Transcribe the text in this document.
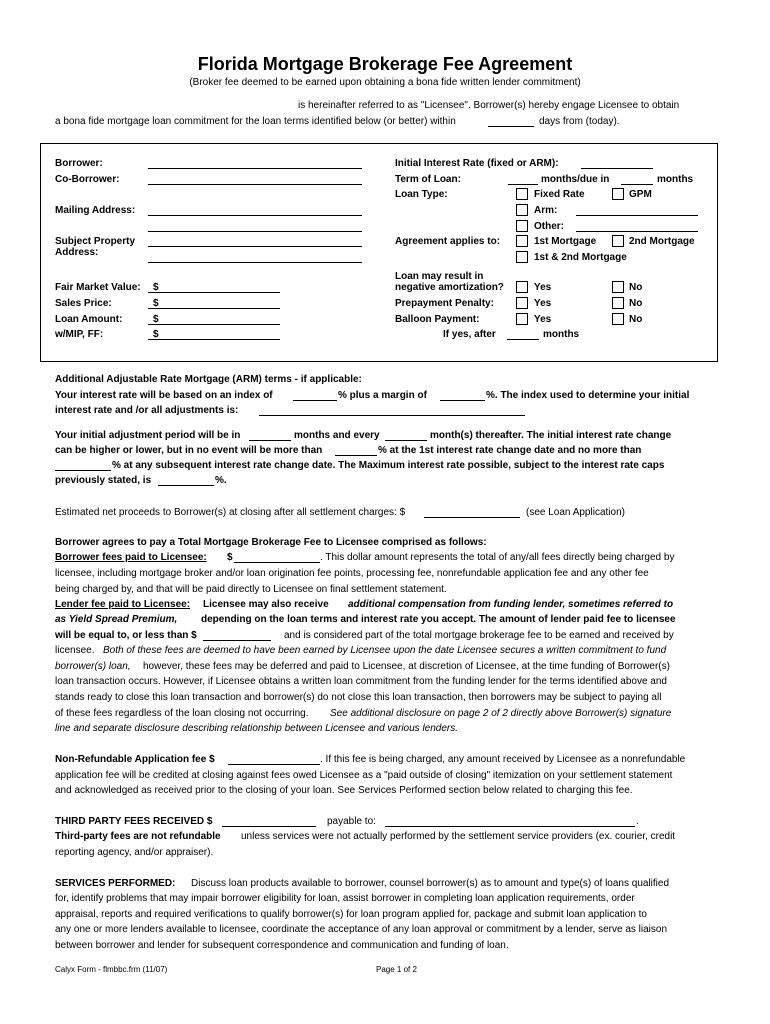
Florida Mortgage Brokerage Fee Agreement
(Broker fee deemed to be earned upon obtaining a bona fide written lender commitment)
is hereinafter referred to as "Licensee". Borrower(s) hereby engage Licensee to obtain
a bona fide mortgage loan commitment for the loan terms identified below (or better) within	days from (today).
Borrower:
Co-Borrower:
Mailing Address:
Subject Property
Address:
Fair Market Value: $
Sales Price:	$
Loan Amount:	$
w/MIP, FF:	$
Initial Interest Rate (fixed or ARM):
Term of Loan:	months/due in	months
Loan Type:	Fixed Rate	GPM
Arm:
Other:
Agreement applies to:	1st Mortgage	2nd Mortgage
1st & 2nd Mortgage
Loan may result in
negative amortization?	Yes	No
Prepayment Penalty:	Yes	No
Balloon Payment:	Yes	No
If yes, after	months
Additional Adjustable Rate Mortgage (ARM) terms - if applicable:
Your interest rate will be based on an index of	% plus a margin of	%. The index used to determine your initial
interest rate and /or all adjustments is:
Your initial adjustment period will be in	months and every	month(s) thereafter. The initial interest rate change
can be higher or lower, but in no event will be more than	% at the 1st interest rate change date and no more than
% at any subsequent interest rate change date. The Maximum interest rate possible, subject to the interest rate caps
previously stated, is	%.
Estimated net proceeds to Borrower(s) at closing after all settlement charges: $	(see Loan Application)
Borrower agrees to pay a Total Mortgage Brokerage Fee to Licensee comprised as follows:
Borrower fees paid to Licensee: $	. This dollar amount represents the total of any/all fees directly being charged by
licensee, including mortgage broker and/or loan origination fee points, processing fee, nonrefundable application fee and any other fee
being charged by, and that will be paid directly to Licensee on final settlement statement.
Lender fee paid to Licensee: Licensee may also receive additional compensation from funding lender, sometimes referred to
as Yield Spread Premium, depending on the loan terms and interest rate you accept. The amount of lender paid fee to licensee
will be equal to, or less than $	and is considered part of the total mortgage brokerage fee to be earned and received by
licensee. Both of these fees are deemed to have been earned by Licensee upon the date Licensee secures a written commitment to fund
borrower(s) loan, however, these fees may be deferred and paid to Licensee, at discretion of Licensee, at the time funding of Borrower(s)
loan transaction occurs. However, if Licensee obtains a written loan commitment from the funding lender for the terms identified above and
stands ready to close this loan transaction and borrower(s) do not close this loan transaction, then borrowers may be subject to paying all
of these fees regardless of the loan closing not occurring. See additional disclosure on page 2 of 2 directly above Borrower(s) signature
line and separate disclosure describing relationship between Licensee and various lenders.
Non-Refundable Application fee $	. If this fee is being charged, any amount received by Licensee as a nonrefundable
application fee will be credited at closing against fees owed Licensee as a "paid outside of closing" itemization on your settlement statement
and acknowledged as received prior to the closing of your loan. See Services Performed section below related to charging this fee.
THIRD PARTY FEES RECEIVED $	payable to:	.
Third-party fees are not refundable unless services were not actually performed by the settlement service providers (ex. courier, credit
reporting agency, and/or appraiser).
SERVICES PERFORMED: Discuss loan products available to borrower, counsel borrower(s) as to amount and type(s) of loans qualified
for, identify problems that may impair borrower eligibility for loan, assist borrower in completing loan application requirements, order
appraisal, reports and required verifications to qualify borrower(s) for loan program applied for, package and submit loan application to
any one or more lenders available to licensee, coordinate the acceptance of any loan approval or commitment by a lender, serve as liaison
between borrower and lender for subsequent correspondence and communication and funding of loan.
Calyx Form - flmbbc.frm (11/07)	Page 1 of 2
